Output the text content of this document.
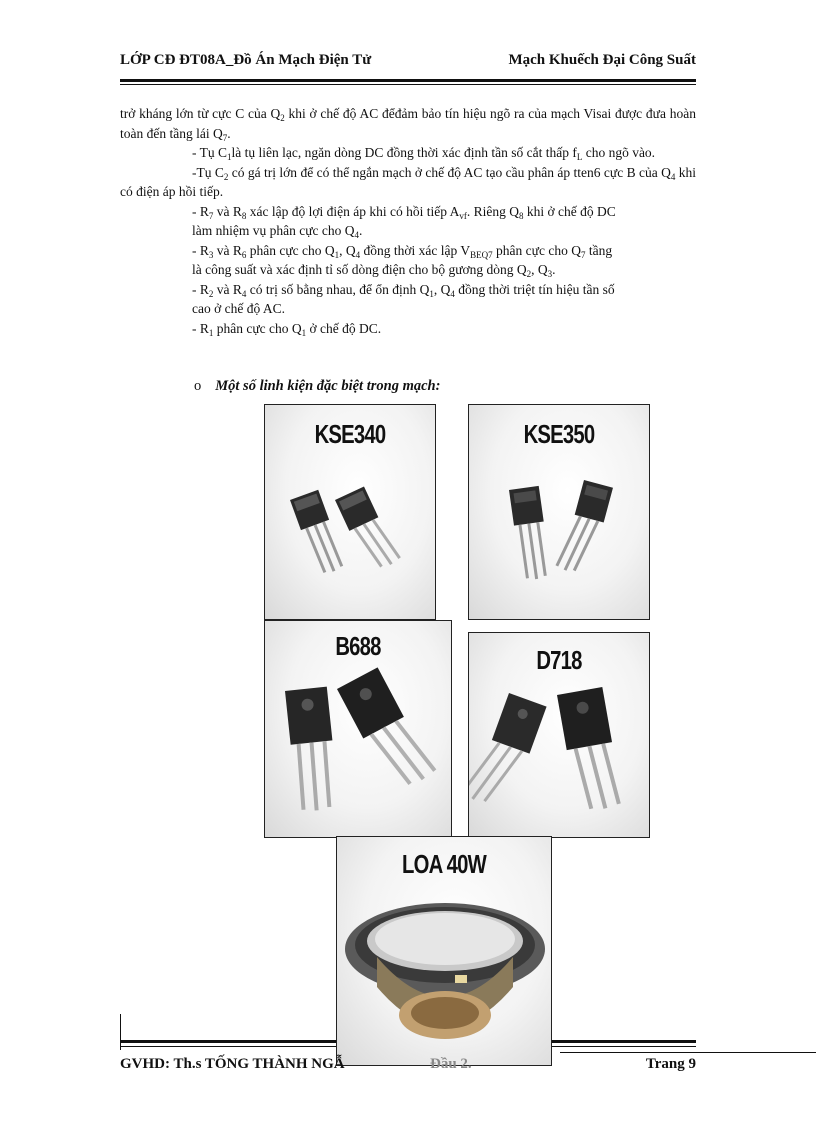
LỚP CĐ ĐT08A_Đồ Án Mạch Điện Tử	Mạch Khuếch Đại Công Suất

trở kháng lớn từ cực C của $Q_2$ khi ở chế độ AC đểđảm bảo tín hiệu ngõ ra của mạch Visai được đưa hoàn toàn đến tầng lái $Q_7$.

- Tụ $C_1là$ tụ liên lạc, ngăn dòng DC đồng thời xác định tần số cắt thấp $f_L$ cho ngõ vào.

-Tụ $C_2$ có gá trị lớn để có thể ngắn mạch ở chế độ AC tạo cầu phân áp tten6 cực B của $Q_4$ khi có điện áp hồi tiếp.

- $R_7$ và $R_8$ xác lập độ lợi điện áp khi có hồi tiếp $A_{vf}$. Riêng $Q_8$ khi ở chế độ DC

làm nhiệm vụ phân cực cho $Q_4$.

- $R_3$ và $R_6$ phân cực cho $Q_1$, $Q_4$ đồng thời xác lập $V_{BEQ7}$ phân cực cho $Q_7$ tầng

là công suất và xác định tỉ số dòng điện cho bộ gương dòng $Q_2$, $Q_3$.

- $R_2$ và $R_4$ có trị số bằng nhau, để ổn định $Q_1$, $Q_4$ đồng thời triệt tín hiệu tần số

cao ở chế độ AC.

- $R_1$ phân cực cho $Q_1$ ở chế độ DC.

o Một số linh kiện đặc biệt trong mạch:
KSE340	KSE350
B688	D718
LOA 40W
GVHD: Th.s TỐNG THÀNH NGẪ	Đầu 2.	Trang 9
